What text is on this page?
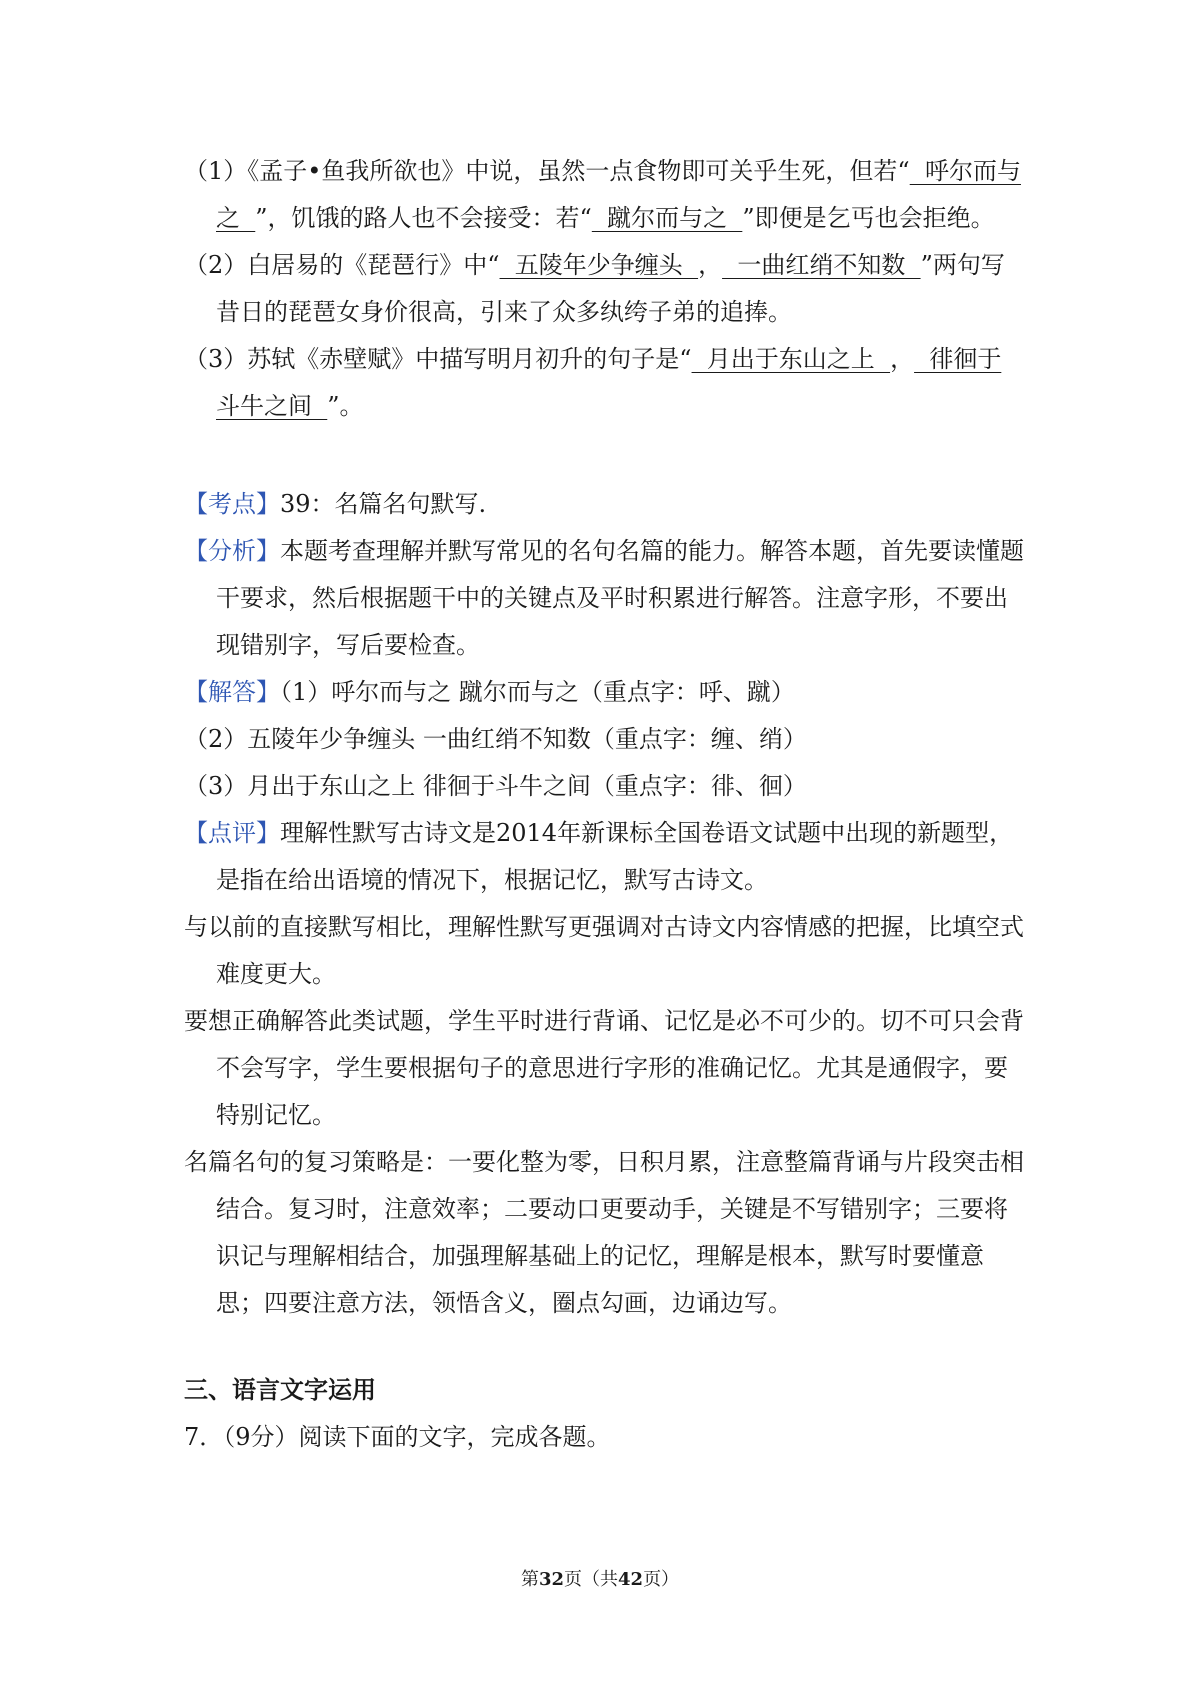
（1）《孟子•鱼我所欲也》中说，虽然一点食物即可关乎生死，但若“  呼尔而与之  ”，饥饿的路人也不会接受：若“  蹴尔而与之  ”即便是乞丐也会拒绝。

（2）白居易的《琵琶行》中“  五陵年少争缠头  ，  一曲红绡不知数  ”两句写昔日的琵琶女身价很高，引来了众多纨绔子弟的追捧。

（3）苏轼《赤壁赋》中描写明月初升的句子是“  月出于东山之上  ，  徘徊于斗牛之间  ”。

【考点】39：名篇名句默写.

【分析】本题考查理解并默写常见的名句名篇的能力。解答本题，首先要读懂题干要求，然后根据题干中的关键点及平时积累进行解答。注意字形，不要出现错别字，写后要检查。

【解答】（1）呼尔而与之 蹴尔而与之（重点字：呼、蹴）

（2）五陵年少争缠头 一曲红绡不知数（重点字：缠、绡）

（3）月出于东山之上 徘徊于斗牛之间（重点字：徘、徊）

【点评】理解性默写古诗文是2014年新课标全国卷语文试题中出现的新题型，是指在给出语境的情况下，根据记忆，默写古诗文。

与以前的直接默写相比，理解性默写更强调对古诗文内容情感的把握，比填空式难度更大。

要想正确解答此类试题，学生平时进行背诵、记忆是必不可少的。切不可只会背不会写字，学生要根据句子的意思进行字形的准确记忆。尤其是通假字，要特别记忆。

名篇名句的复习策略是：一要化整为零，日积月累，注意整篇背诵与片段突击相结合。复习时，注意效率；二要动口更要动手，关键是不写错别字；三要将识记与理解相结合，加强理解基础上的记忆，理解是根本，默写时要懂意思；四要注意方法，领悟含义，圈点勾画，边诵边写。

三、语言文字运用

7．（9分）阅读下面的文字，完成各题。

第32页（共42页）
